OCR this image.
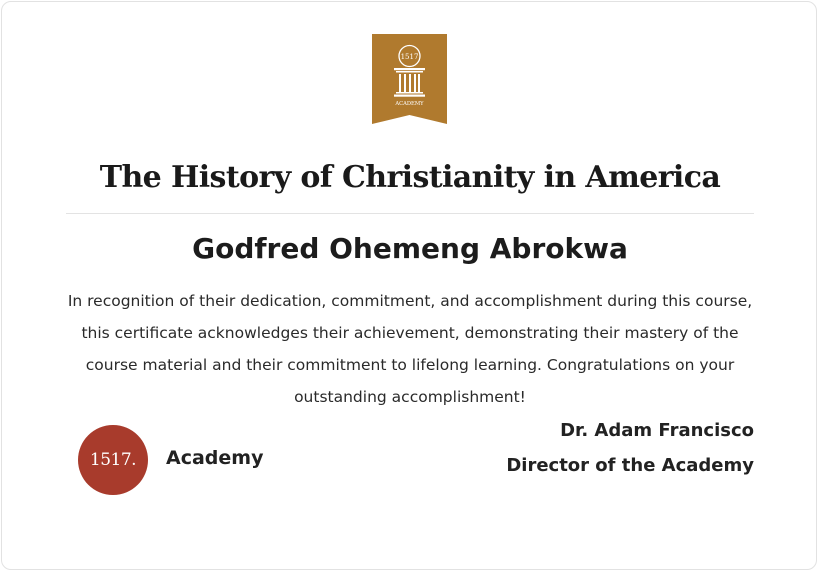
1517
ACADEMY
The History of Christianity in America
Godfred Ohemeng Abrokwa

In recognition of their dedication, commitment, and accomplishment during this course, this certificate acknowledges their achievement, demonstrating their mastery of the course material and their commitment to lifelong learning. Congratulations on your outstanding accomplishment!

1517. Academy
Dr. Adam Francisco
Director of the Academy
